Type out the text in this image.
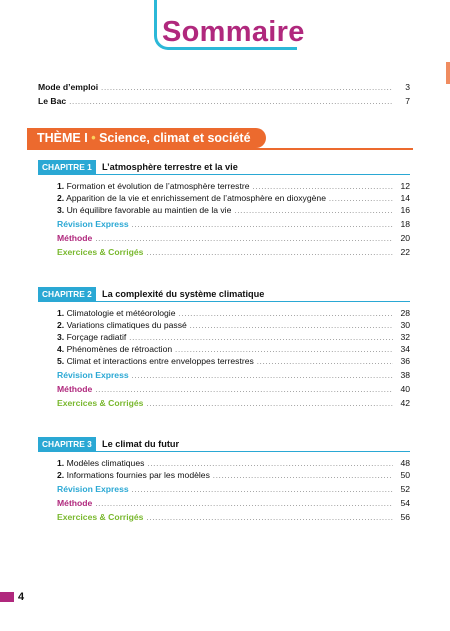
Sommaire
Mode d’emploi .....	3
Le Bac .....	7
THÈME I • Science, climat et société
CHAPITRE 1	L’atmosphère terrestre et la vie
1. Formation et évolution de l’atmosphère terrestre .....	12
2. Apparition de la vie et enrichissement de l’atmosphère en dioxygène .....	14
3. Un équilibre favorable au maintien de la vie .....	16
Révision Express .....	18
Méthode .....	20
Exercices & Corrigés .....	22
CHAPITRE 2	La complexité du système climatique
1. Climatologie et météorologie .....	28
2. Variations climatiques du passé .....	30
3. Forçage radiatif .....	32
4. Phénomènes de rétroaction .....	34
5. Climat et interactions entre enveloppes terrestres .....	36
Révision Express .....	38
Méthode .....	40
Exercices & Corrigés .....	42
CHAPITRE 3	Le climat du futur
1. Modèles climatiques .....	48
2. Informations fournies par les modèles .....	50
Révision Express .....	52
Méthode .....	54
Exercices & Corrigés .....	56
4
